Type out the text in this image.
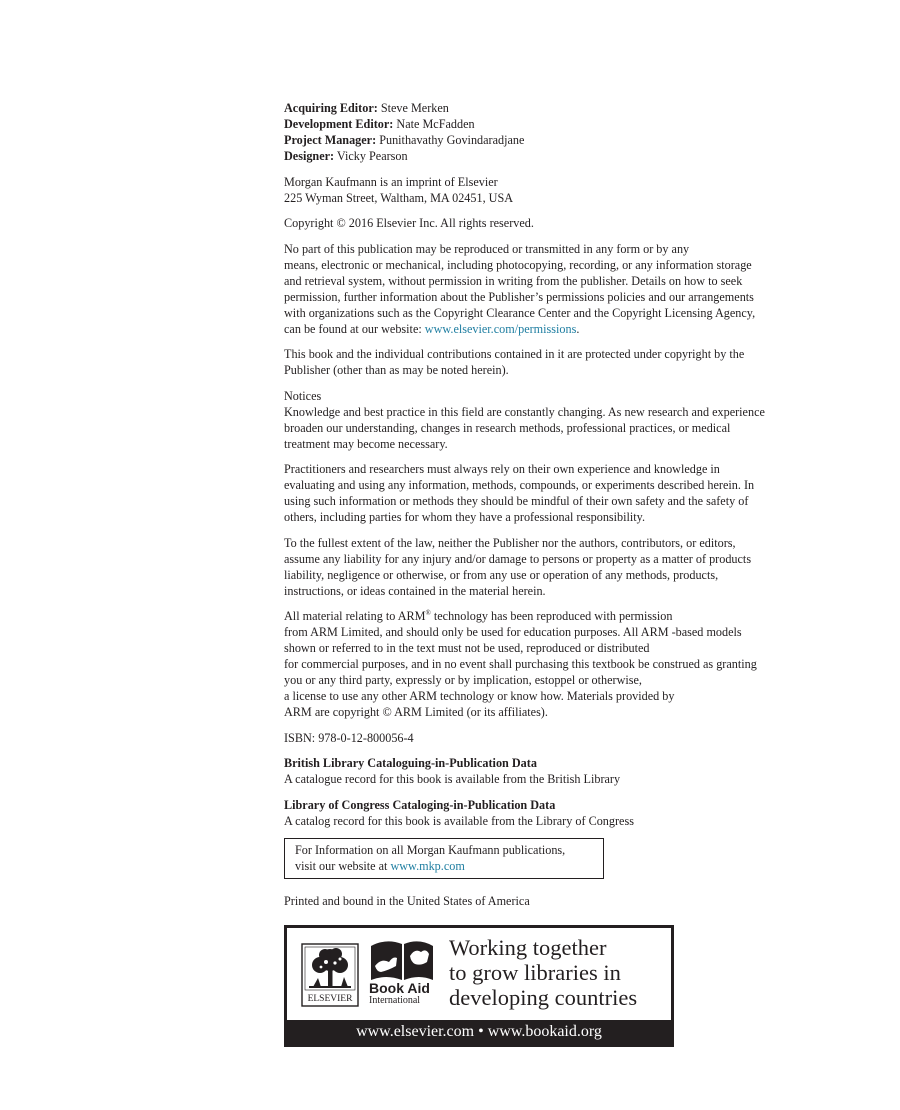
Acquiring Editor: Steve Merken
Development Editor: Nate McFadden
Project Manager: Punithavathy Govindaradjane
Designer: Vicky Pearson
Morgan Kaufmann is an imprint of Elsevier
225 Wyman Street, Waltham, MA 02451, USA
Copyright © 2016 Elsevier Inc. All rights reserved.
No part of this publication may be reproduced or transmitted in any form or by any
means, electronic or mechanical, including photocopying, recording, or any information storage
and retrieval system, without permission in writing from the publisher. Details on how to seek
permission, further information about the Publisher’s permissions policies and our arrangements
with organizations such as the Copyright Clearance Center and the Copyright Licensing Agency,
can be found at our website: www.elsevier.com/permissions.
This book and the individual contributions contained in it are protected under copyright by the
Publisher (other than as may be noted herein).
Notices
Knowledge and best practice in this field are constantly changing. As new research and experience
broaden our understanding, changes in research methods, professional practices, or medical
treatment may become necessary.
Practitioners and researchers must always rely on their own experience and knowledge in
evaluating and using any information, methods, compounds, or experiments described herein. In
using such information or methods they should be mindful of their own safety and the safety of
others, including parties for whom they have a professional responsibility.
To the fullest extent of the law, neither the Publisher nor the authors, contributors, or editors,
assume any liability for any injury and/or damage to persons or property as a matter of products
liability, negligence or otherwise, or from any use or operation of any methods, products,
instructions, or ideas contained in the material herein.
All material relating to ARM® technology has been reproduced with permission
from ARM Limited, and should only be used for education purposes. All ARM -based models
shown or referred to in the text must not be used, reproduced or distributed
for commercial purposes, and in no event shall purchasing this textbook be construed as granting
you or any third party, expressly or by implication, estoppel or otherwise,
a license to use any other ARM technology or know how. Materials provided by
ARM are copyright © ARM Limited (or its affiliates).
ISBN: 978-0-12-800056-4
British Library Cataloguing-in-Publication Data
A catalogue record for this book is available from the British Library
Library of Congress Cataloging-in-Publication Data
A catalog record for this book is available from the Library of Congress
For Information on all Morgan Kaufmann publications,
visit our website at www.mkp.com
Printed and bound in the United States of America
ELSEVIER
Book Aid
International
Working together
to grow libraries in
developing countries
www.elsevier.com • www.bookaid.org
